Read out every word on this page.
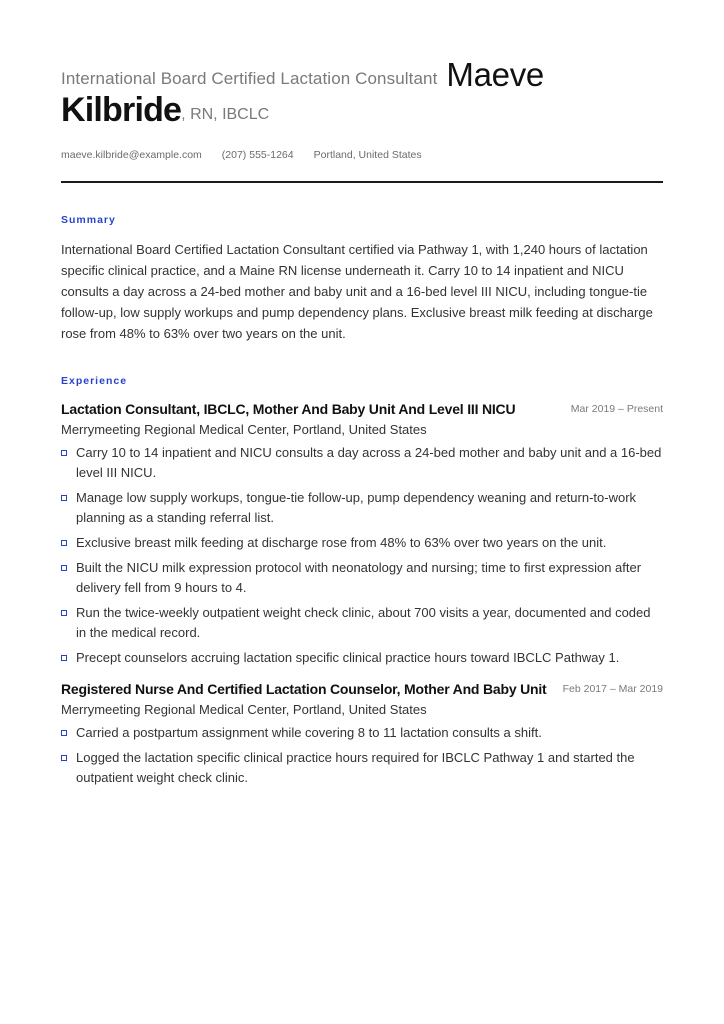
International Board Certified Lactation Consultant Maeve
Kilbride , RN, IBCLC
maeve.kilbride@example.com (207) 555-1264 Portland, United States
Summary

International Board Certified Lactation Consultant certified via Pathway 1, with 1,240 hours of lactation specific clinical practice, and a Maine RN license underneath it. Carry 10 to 14 inpatient and NICU consults a day across a 24-bed mother and baby unit and a 16-bed level III NICU, including tongue-tie follow-up, low supply workups and pump dependency plans. Exclusive breast milk feeding at discharge rose from 48% to 63% over two years on the unit.

Experience
Lactation Consultant, IBCLC, Mother And Baby Unit And Level III NICU	Mar 2019 – Present
Merrymeeting Regional Medical Center, Portland, United States
Carry 10 to 14 inpatient and NICU consults a day across a 24-bed mother and baby unit and a 16-bed level III NICU.
Manage low supply workups, tongue-tie follow-up, pump dependency weaning and return-to-work planning as a standing referral list.
Exclusive breast milk feeding at discharge rose from 48% to 63% over two years on the unit.
Built the NICU milk expression protocol with neonatology and nursing; time to first expression after delivery fell from 9 hours to 4.
Run the twice-weekly outpatient weight check clinic, about 700 visits a year, documented and coded in the medical record.
Precept counselors accruing lactation specific clinical practice hours toward IBCLC Pathway 1.
Registered Nurse And Certified Lactation Counselor, Mother And Baby Unit Feb 2017 – Mar 2019
Merrymeeting Regional Medical Center, Portland, United States
Carried a postpartum assignment while covering 8 to 11 lactation consults a shift.
Logged the lactation specific clinical practice hours required for IBCLC Pathway 1 and started the outpatient weight check clinic.
